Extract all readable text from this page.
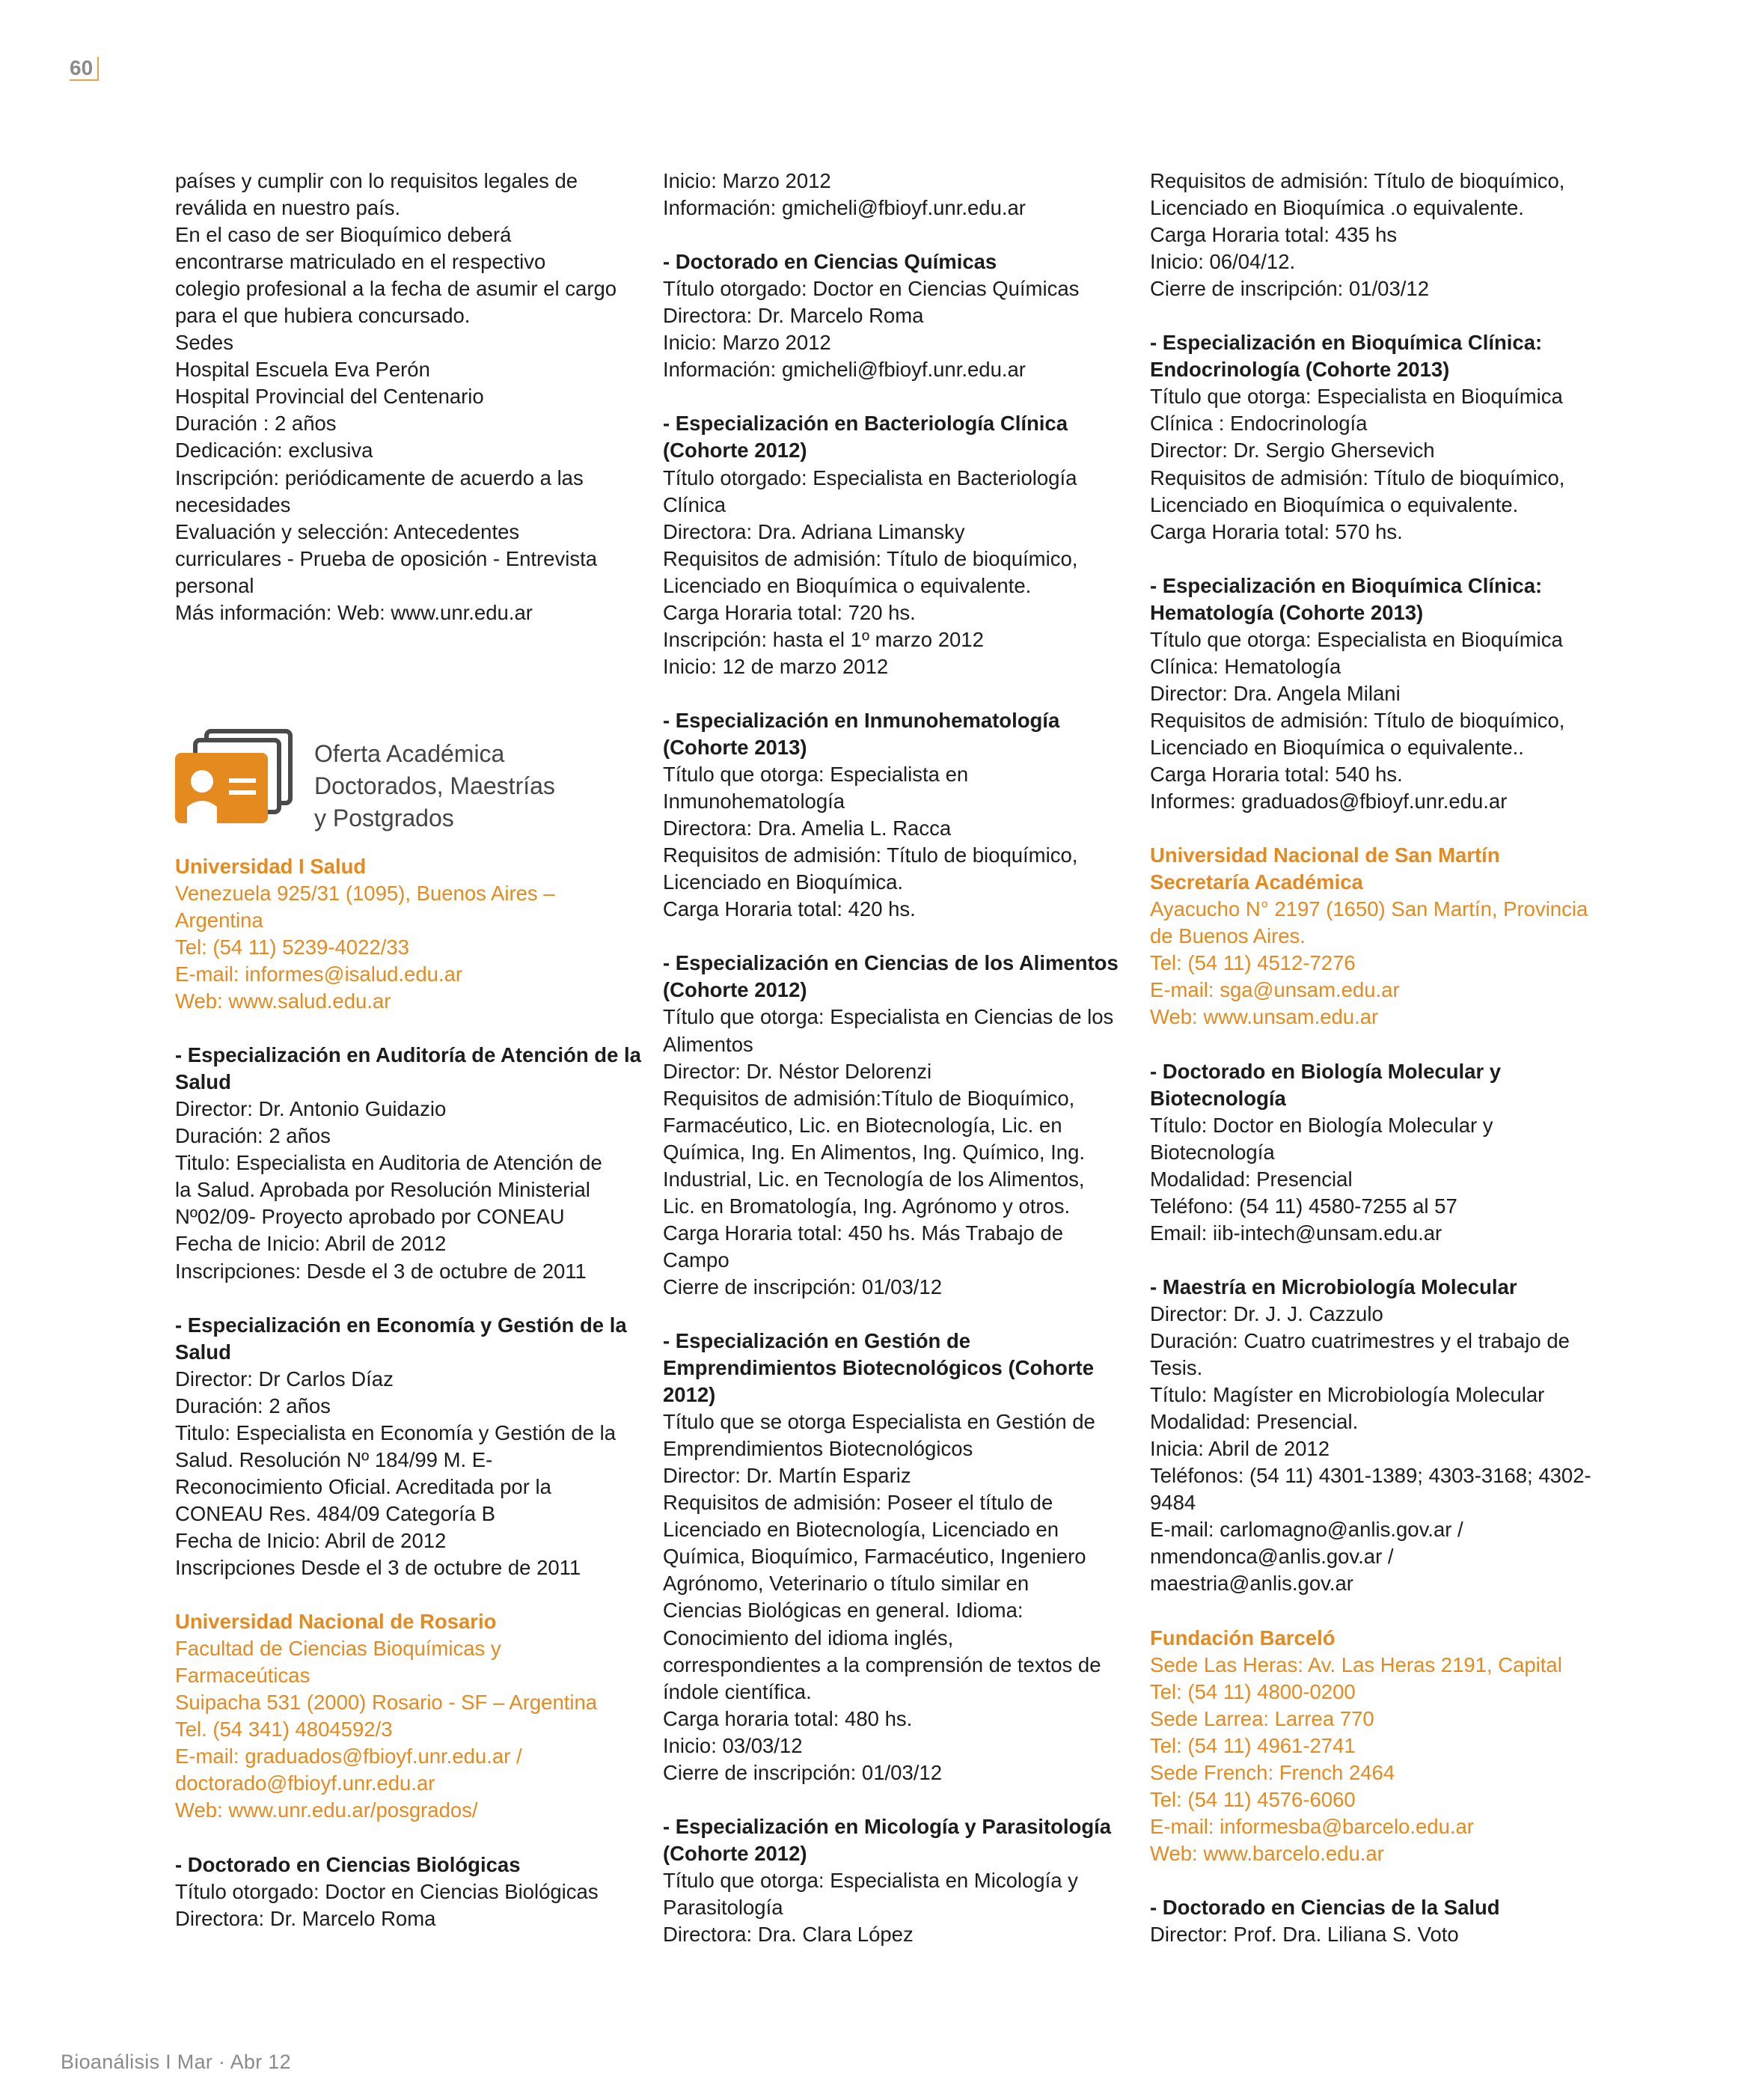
60
países y cumplir con lo requisitos legales de
reválida en nuestro país.
En el caso de ser Bioquímico deberá
encontrarse matriculado en el respectivo
colegio profesional a la fecha de asumir el cargo
para el que hubiera concursado.
Sedes
Hospital Escuela Eva Perón
Hospital Provincial del Centenario
Duración : 2 años
Dedicación: exclusiva
Inscripción: periódicamente de acuerdo a las
necesidades
Evaluación y selección: Antecedentes
curriculares - Prueba de oposición - Entrevista
personal
Más información: Web: www.unr.edu.ar
Oferta Académica
Doctorados, Maestrías
y Postgrados
Universidad I Salud
Venezuela 925/31 (1095), Buenos Aires –
Argentina
Tel: (54 11) 5239-4022/33
E-mail: informes@isalud.edu.ar
Web: www.salud.edu.ar
- Especialización en Auditoría de Atención de la
Salud
Director: Dr. Antonio Guidazio
Duración: 2 años
Titulo: Especialista en Auditoria de Atención de
la Salud. Aprobada por Resolución Ministerial
Nº02/09- Proyecto aprobado por CONEAU
Fecha de Inicio: Abril de 2012
Inscripciones: Desde el 3 de octubre de 2011
- Especialización en Economía y Gestión de la
Salud
Director: Dr Carlos Díaz
Duración: 2 años
Titulo: Especialista en Economía y Gestión de la
Salud. Resolución Nº 184/99 M. E-
Reconocimiento Oficial. Acreditada por la
CONEAU Res. 484/09 Categoría B
Fecha de Inicio: Abril de 2012
Inscripciones Desde el 3 de octubre de 2011
Universidad Nacional de Rosario
Facultad de Ciencias Bioquímicas y
Farmaceúticas
Suipacha 531 (2000) Rosario - SF – Argentina
Tel. (54 341) 4804592/3
E-mail: graduados@fbioyf.unr.edu.ar /
doctorado@fbioyf.unr.edu.ar
Web: www.unr.edu.ar/posgrados/
- Doctorado en Ciencias Biológicas
Título otorgado: Doctor en Ciencias Biológicas
Directora: Dr. Marcelo Roma
Inicio: Marzo 2012
Información: gmicheli@fbioyf.unr.edu.ar
- Doctorado en Ciencias Químicas
Título otorgado: Doctor en Ciencias Químicas
Directora: Dr. Marcelo Roma
Inicio: Marzo 2012
Información: gmicheli@fbioyf.unr.edu.ar
- Especialización en Bacteriología Clínica
(Cohorte 2012)
Título otorgado: Especialista en Bacteriología
Clínica
Directora: Dra. Adriana Limansky
Requisitos de admisión: Título de bioquímico,
Licenciado en Bioquímica o equivalente.
Carga Horaria total: 720 hs.
Inscripción: hasta el 1º marzo 2012
Inicio: 12 de marzo 2012
- Especialización en Inmunohematología
(Cohorte 2013)
Título que otorga: Especialista en
Inmunohematología
Directora: Dra. Amelia L. Racca
Requisitos de admisión: Título de bioquímico,
Licenciado en Bioquímica.
Carga Horaria total: 420 hs.
- Especialización en Ciencias de los Alimentos
(Cohorte 2012)
Título que otorga: Especialista en Ciencias de los
Alimentos
Director: Dr. Néstor Delorenzi
Requisitos de admisión:Título de Bioquímico,
Farmacéutico, Lic. en Biotecnología, Lic. en
Química, Ing. En Alimentos, Ing. Químico, Ing.
Industrial, Lic. en Tecnología de los Alimentos,
Lic. en Bromatología, Ing. Agrónomo y otros.
Carga Horaria total: 450 hs. Más Trabajo de
Campo
Cierre de inscripción: 01/03/12
- Especialización en Gestión de
Emprendimientos Biotecnológicos (Cohorte
2012)
Título que se otorga Especialista en Gestión de
Emprendimientos Biotecnológicos
Director: Dr. Martín Espariz
Requisitos de admisión: Poseer el título de
Licenciado en Biotecnología, Licenciado en
Química, Bioquímico, Farmacéutico, Ingeniero
Agrónomo, Veterinario o título similar en
Ciencias Biológicas en general. Idioma:
Conocimiento del idioma inglés,
correspondientes a la comprensión de textos de
índole científica.
Carga horaria total: 480 hs.
Inicio: 03/03/12
Cierre de inscripción: 01/03/12
- Especialización en Micología y Parasitología
(Cohorte 2012)
Título que otorga: Especialista en Micología y
Parasitología
Directora: Dra. Clara López
Requisitos de admisión: Título de bioquímico,
Licenciado en Bioquímica .o equivalente.
Carga Horaria total: 435 hs
Inicio: 06/04/12.
Cierre de inscripción: 01/03/12
- Especialización en Bioquímica Clínica:
Endocrinología (Cohorte 2013)
Título que otorga: Especialista en Bioquímica
Clínica : Endocrinología
Director: Dr. Sergio Ghersevich
Requisitos de admisión: Título de bioquímico,
Licenciado en Bioquímica o equivalente.
Carga Horaria total: 570 hs.
- Especialización en Bioquímica Clínica:
Hematología (Cohorte 2013)
Título que otorga: Especialista en Bioquímica
Clínica: Hematología
Director: Dra. Angela Milani
Requisitos de admisión: Título de bioquímico,
Licenciado en Bioquímica o equivalente..
Carga Horaria total: 540 hs.
Informes: graduados@fbioyf.unr.edu.ar
Universidad Nacional de San Martín
Secretaría Académica
Ayacucho N° 2197 (1650) San Martín, Provincia
de Buenos Aires.
Tel: (54 11) 4512-7276
E-mail: sga@unsam.edu.ar
Web: www.unsam.edu.ar
- Doctorado en Biología Molecular y
Biotecnología
Título: Doctor en Biología Molecular y
Biotecnología
Modalidad: Presencial
Teléfono: (54 11) 4580-7255 al 57
Email: iib-intech@unsam.edu.ar
- Maestría en Microbiología Molecular
Director: Dr. J. J. Cazzulo
Duración: Cuatro cuatrimestres y el trabajo de
Tesis.
Título: Magíster en Microbiología Molecular
Modalidad: Presencial.
Inicia: Abril de 2012
Teléfonos: (54 11) 4301-1389; 4303-3168; 4302-
9484
E-mail: carlomagno@anlis.gov.ar /
nmendonca@anlis.gov.ar /
maestria@anlis.gov.ar
Fundación Barceló
Sede Las Heras: Av. Las Heras 2191, Capital
Tel: (54 11) 4800-0200
Sede Larrea: Larrea 770
Tel: (54 11) 4961-2741
Sede French: French 2464
Tel: (54 11) 4576-6060
E-mail: informesba@barcelo.edu.ar
Web: www.barcelo.edu.ar
- Doctorado en Ciencias de la Salud
Director: Prof. Dra. Liliana S. Voto
Bioanálisis I Mar · Abr 12
